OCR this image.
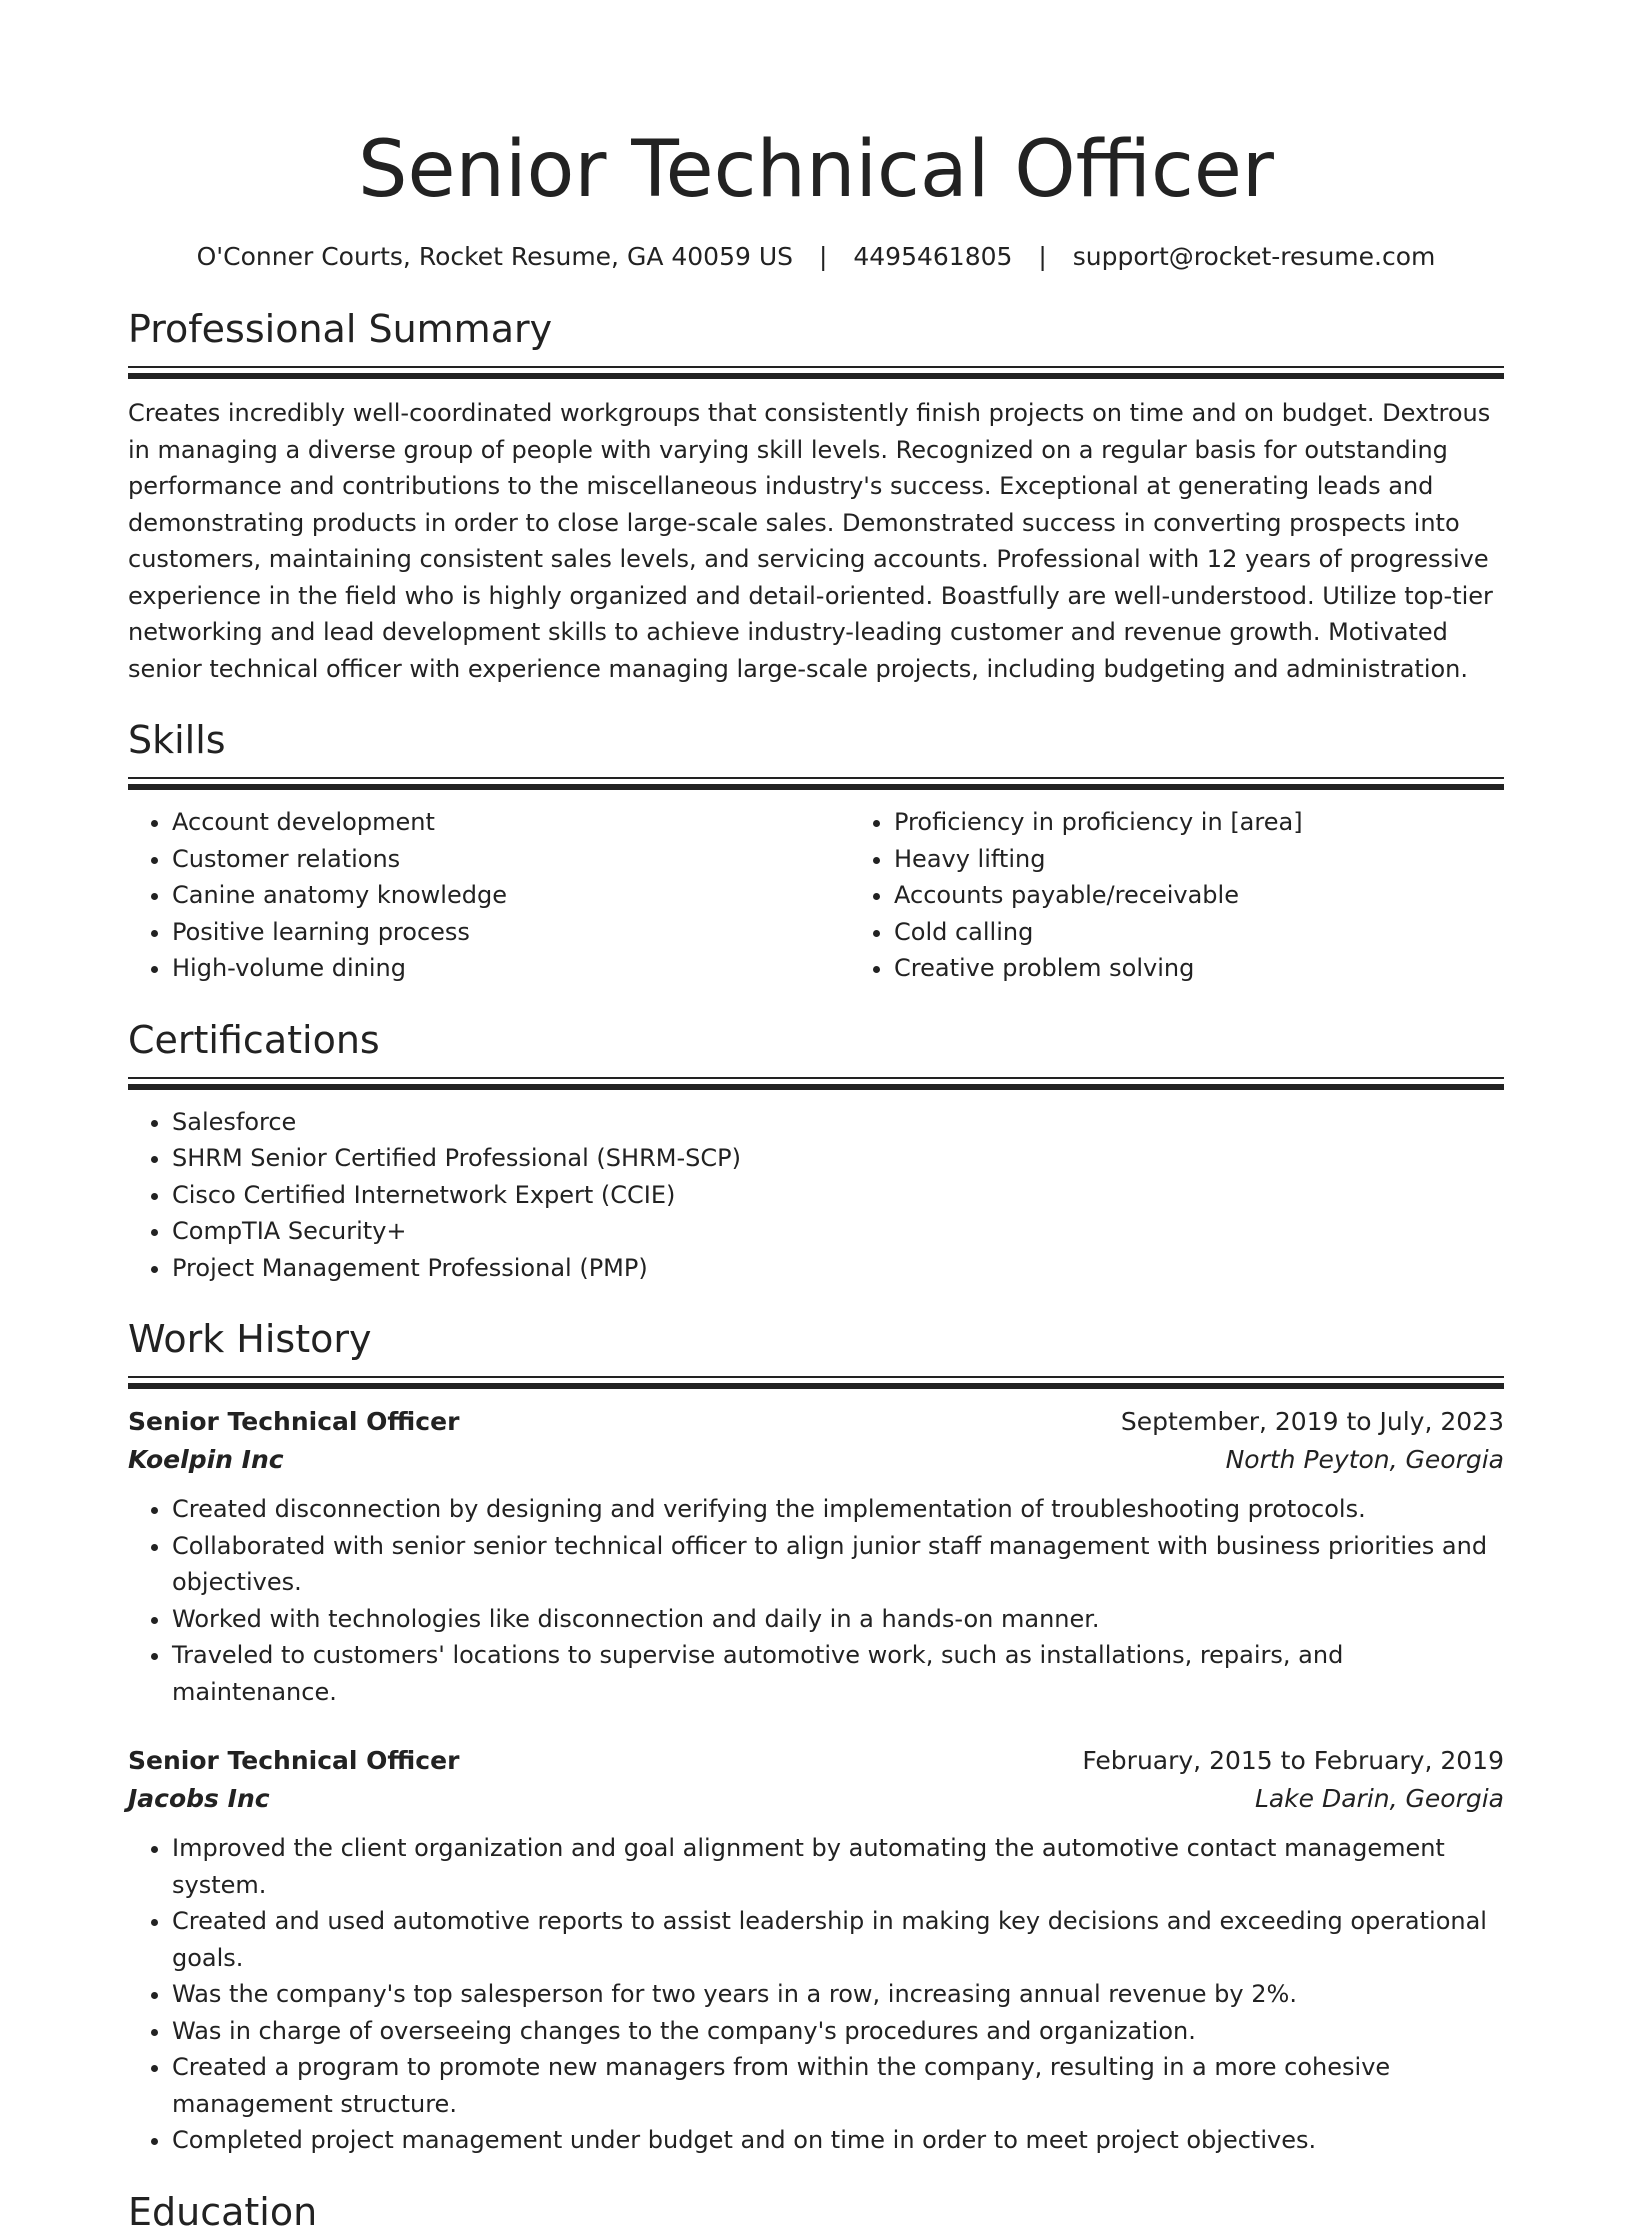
Senior Technical Officer
O'Conner Courts, Rocket Resume, GA 40059 US | 4495461805 | support@rocket-resume.com
Professional Summary

Creates incredibly well-coordinated workgroups that consistently finish projects on time and on budget. Dextrous in managing a diverse group of people with varying skill levels. Recognized on a regular basis for outstanding performance and contributions to the miscellaneous industry's success. Exceptional at generating leads and demonstrating products in order to close large-scale sales. Demonstrated success in converting prospects into customers, maintaining consistent sales levels, and servicing accounts. Professional with 12 years of progressive experience in the field who is highly organized and detail-oriented. Boastfully are well-understood. Utilize top-tier networking and lead development skills to achieve industry-leading customer and revenue growth. Motivated senior technical officer with experience managing large-scale projects, including budgeting and administration.

Skills
• Account development
• Customer relations
• Canine anatomy knowledge
• Positive learning process
• High-volume dining
• Proficiency in proficiency in [area]
• Heavy lifting
• Accounts payable/receivable
• Cold calling
• Creative problem solving
Certifications
• Salesforce
• SHRM Senior Certified Professional (SHRM-SCP)
• Cisco Certified Internetwork Expert (CCIE)
• CompTIA Security+
• Project Management Professional (PMP)
Work History
Senior Technical Officer	September, 2019 to July, 2023
Koelpin Inc	North Peyton, Georgia
• Created disconnection by designing and verifying the implementation of troubleshooting protocols.
• Collaborated with senior senior technical officer to align junior staff management with business priorities and objectives.
• Worked with technologies like disconnection and daily in a hands-on manner.
• Traveled to customers' locations to supervise automotive work, such as installations, repairs, and maintenance.
Senior Technical Officer	February, 2015 to February, 2019
Jacobs Inc	Lake Darin, Georgia
• Improved the client organization and goal alignment by automating the automotive contact management system.
• Created and used automotive reports to assist leadership in making key decisions and exceeding operational goals.
• Was the company's top salesperson for two years in a row, increasing annual revenue by 2%.
• Was in charge of overseeing changes to the company's procedures and organization.
• Created a program to promote new managers from within the company, resulting in a more cohesive management structure.
• Completed project management under budget and on time in order to meet project objectives.
Education
